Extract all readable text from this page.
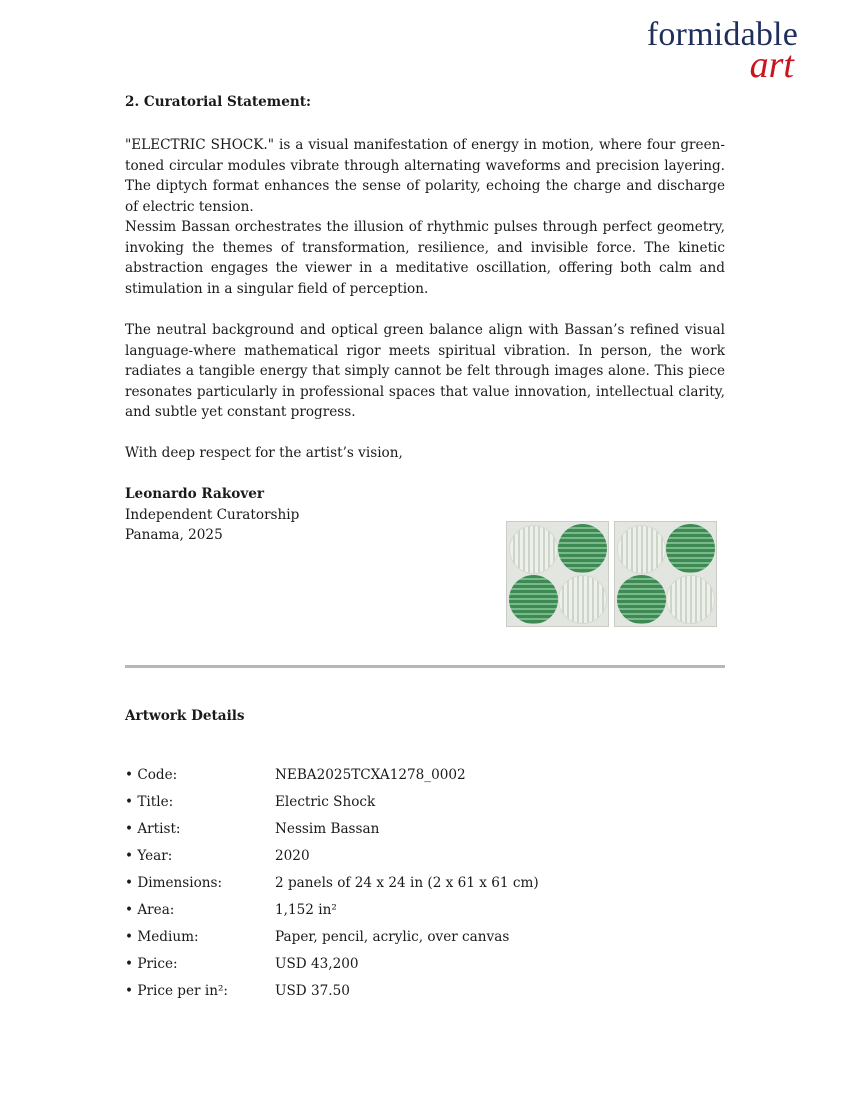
formidable
art
2. Curatorial Statement:

"ELECTRIC SHOCK." is a visual manifestation of energy in motion, where four green-toned circular modules vibrate through alternating waveforms and precision layering. The diptych format enhances the sense of polarity, echoing the charge and discharge of electric tension.

Nessim Bassan orchestrates the illusion of rhythmic pulses through perfect geometry, invoking the themes of transformation, resilience, and invisible force. The kinetic abstraction engages the viewer in a meditative oscillation, offering both calm and stimulation in a singular field of perception.

The neutral background and optical green balance align with Bassan’s refined visual language-where mathematical rigor meets spiritual vibration. In person, the work radiates a tangible energy that simply cannot be felt through images alone. This piece resonates particularly in professional spaces that value innovation, intellectual clarity, and subtle yet constant progress.

With deep respect for the artist’s vision,

Leonardo Rakover
Independent Curatorship
Panama, 2025
Artwork Details
• Code:	NEBA2025TCXA1278_0002
• Title:	Electric Shock
• Artist:	Nessim Bassan
• Year:	2020
• Dimensions:	2 panels of 24 x 24 in (2 x 61 x 61 cm)
• Area:	1,152 in²
• Medium:	Paper, pencil, acrylic, over canvas
• Price:	USD 43,200
• Price per in²:	USD 37.50
